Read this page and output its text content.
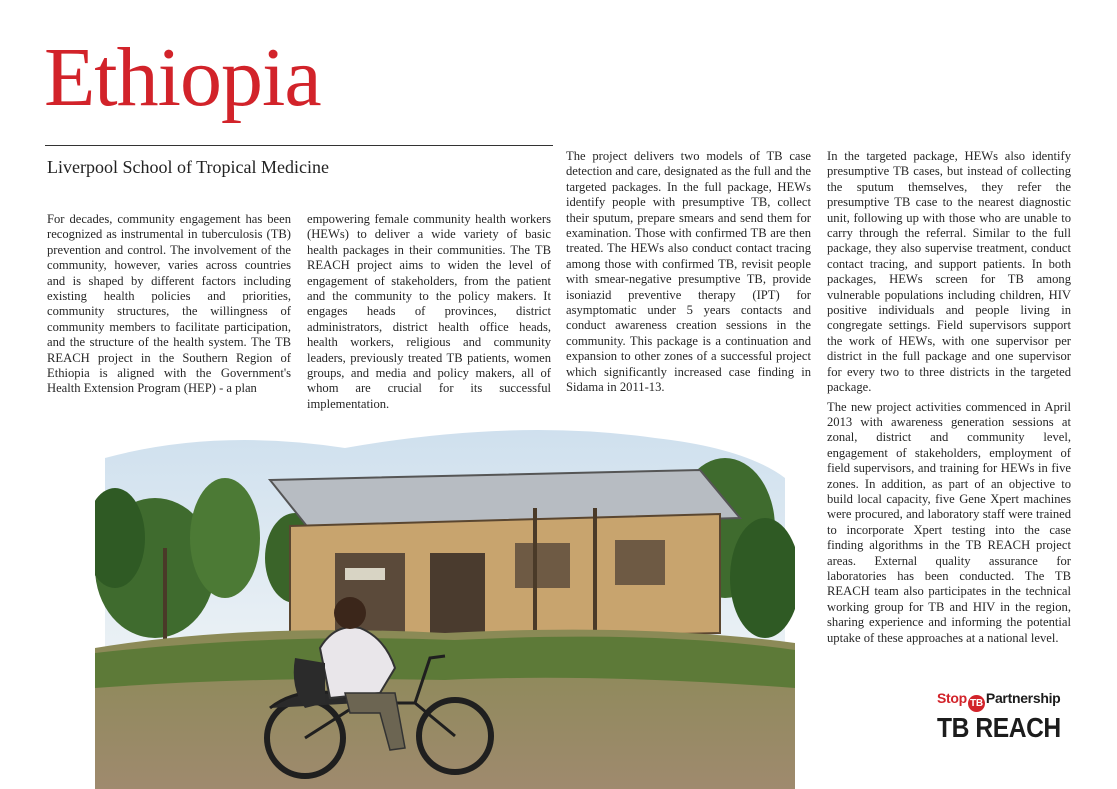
Ethiopia
Liverpool School of Tropical Medicine

For decades, community engagement has been recognized as instrumental in tuberculosis (TB) prevention and control. The involvement of the community, however, varies across countries and is shaped by different factors including existing health policies and priorities, community structures, the willingness of community members to facilitate participation, and the structure of the health system. The TB REACH project in the Southern Region of Ethiopia is aligned with the Government's Health Extension Program (HEP) - a plan

empowering female community health workers (HEWs) to deliver a wide variety of basic health packages in their communities. The TB REACH project aims to widen the level of engagement of stakeholders, from the patient and the community to the policy makers. It engages heads of provinces, district administrators, district health office heads, health workers, religious and community leaders, previously treated TB patients, women groups, and media and policy makers, all of whom are crucial for its successful implementation.

The project delivers two models of TB case detection and care, designated as the full and the targeted packages. In the full package, HEWs identify people with presumptive TB, collect their sputum, prepare smears and send them for examination. Those with confirmed TB are then treated. The HEWs also conduct contact tracing among those with confirmed TB, revisit people with smear-negative presumptive TB, provide isoniazid preventive therapy (IPT) for asymptomatic under 5 years contacts and conduct awareness creation sessions in the community. This package is a continuation and expansion to other zones of a successful project which significantly increased case finding in Sidama in 2011-13.

In the targeted package, HEWs also identify presumptive TB cases, but instead of collecting the sputum themselves, they refer the presumptive TB case to the nearest diagnostic unit, following up with those who are unable to carry through the referral. Similar to the full package, they also supervise treatment, conduct contact tracing, and support patients. In both packages, HEWs screen for TB among vulnerable populations including children, HIV positive individuals and people living in congregate settings. Field supervisors support the work of HEWs, with one supervisor per district in the full package and one supervisor for every two to three districts in the targeted package.

The new project activities commenced in April 2013 with awareness generation sessions at zonal, district and community level, engagement of stakeholders, employment of field supervisors, and training for HEWs in five zones. In addition, as part of an objective to build local capacity, five Gene Xpert machines were procured, and laboratory staff were trained to incorporate Xpert testing into the case finding algorithms in the TB REACH project areas. External quality assurance for laboratories has been conducted. The TB REACH team also participates in the technical working group for TB and HIV in the region, sharing experience and informing the potential uptake of these approaches at a national level.

Stop TB Partnership
TB REACH
